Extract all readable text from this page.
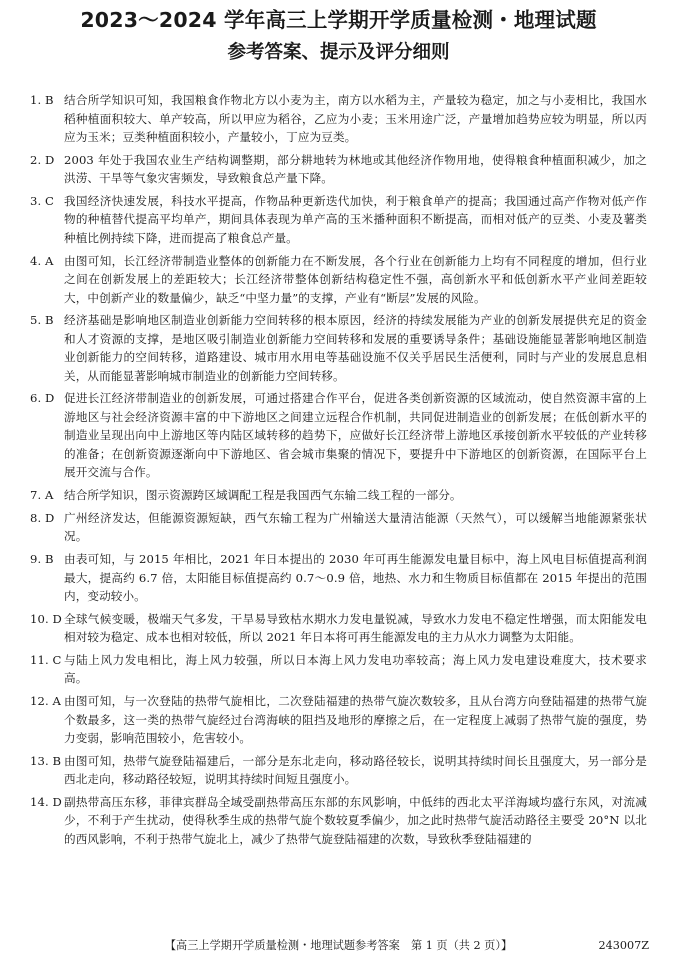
2023～2024 学年高三上学期开学质量检测・地理试题
参考答案、提示及评分细则
1. B 结合所学知识可知，我国粮食作物北方以小麦为主，南方以水稻为主，产量较为稳定，加之与小麦相比，我国水稻种植面积较大、单产较高，所以甲应为稻谷，乙应为小麦；玉米用途广泛，产量增加趋势应较为明显，所以丙应为玉米；豆类种植面积较小，产量较小，丁应为豆类。
2. D 2003 年处于我国农业生产结构调整期，部分耕地转为林地或其他经济作物用地，使得粮食种植面积减少，加之洪涝、干旱等气象灾害频发，导致粮食总产量下降。
3. C 我国经济快速发展，科技水平提高，作物品种更新迭代加快，利于粮食单产的提高；我国通过高产作物对低产作物的种植替代提高平均单产，期间具体表现为单产高的玉米播种面积不断提高，而相对低产的豆类、小麦及薯类种植比例持续下降，进而提高了粮食总产量。
4. A 由图可知，长江经济带制造业整体的创新能力在不断发展，各个行业在创新能力上均有不同程度的增加，但行业之间在创新发展上的差距较大；长江经济带整体创新结构稳定性不强，高创新水平和低创新水平产业间差距较大，中创新产业的数量偏少，缺乏“中坚力量”的支撑，产业有“断层”发展的风险。
5. B 经济基础是影响地区制造业创新能力空间转移的根本原因，经济的持续发展能为产业的创新发展提供充足的资金和人才资源的支撑，是地区吸引制造业创新能力空间转移和发展的重要诱导条件；基础设施能显著影响地区制造业创新能力的空间转移，道路建设、城市用水用电等基础设施不仅关乎居民生活便利，同时与产业的发展息息相关，从而能显著影响城市制造业的创新能力空间转移。
6. D 促进长江经济带制造业的创新发展，可通过搭建合作平台，促进各类创新资源的区域流动，使自然资源丰富的上游地区与社会经济资源丰富的中下游地区之间建立远程合作机制，共同促进制造业的创新发展；在低创新水平的制造业呈现出向中上游地区等内陆区域转移的趋势下，应做好长江经济带上游地区承接创新水平较低的产业转移的准备；在创新资源逐渐向中下游地区、省会城市集聚的情况下，要提升中下游地区的创新资源，在国际平台上展开交流与合作。
7. A 结合所学知识，图示资源跨区域调配工程是我国西气东输二线工程的一部分。
8. D 广州经济发达，但能源资源短缺，西气东输工程为广州输送大量清洁能源（天然气），可以缓解当地能源紧张状况。
9. B 由表可知，与 2015 年相比，2021 年日本提出的 2030 年可再生能源发电量目标中，海上风电目标值提高利润最大，提高约 6.7 倍，太阳能目标值提高约 0.7～0.9 倍，地热、水力和生物质目标值都在 2015 年提出的范围内，变动较小。
10. D 全球气候变暖，极端天气多发，干旱易导致枯水期水力发电量锐减，导致水力发电不稳定性增强，而太阳能发电相对较为稳定、成本也相对较低，所以 2021 年日本将可再生能源发电的主力从水力调整为太阳能。
11. C 与陆上风力发电相比，海上风力较强，所以日本海上风力发电功率较高；海上风力发电建设难度大，技术要求高。
12. A 由图可知，与一次登陆的热带气旋相比，二次登陆福建的热带气旋次数较多，且从台湾方向登陆福建的热带气旋个数最多，这一类的热带气旋经过台湾海峡的阻挡及地形的摩擦之后，在一定程度上减弱了热带气旋的强度，势力变弱，影响范围较小，危害较小。
13. B 由图可知，热带气旋登陆福建后，一部分是东北走向，移动路径较长，说明其持续时间长且强度大，另一部分是西北走向，移动路径较短，说明其持续时间短且强度小。
14. D 副热带高压东移，菲律宾群岛全域受副热带高压东部的东风影响，中低纬的西北太平洋海域均盛行东风，对流减少，不利于产生扰动，使得秋季生成的热带气旋个数较夏季偏少，加之此时热带气旋活动路径主要受 20°N 以北的西风影响，不利于热带气旋北上，减少了热带气旋登陆福建的次数，导致秋季登陆福建的
【高三上学期开学质量检测・地理试题参考答案　第 1 页（共 2 页）】	243007Z
